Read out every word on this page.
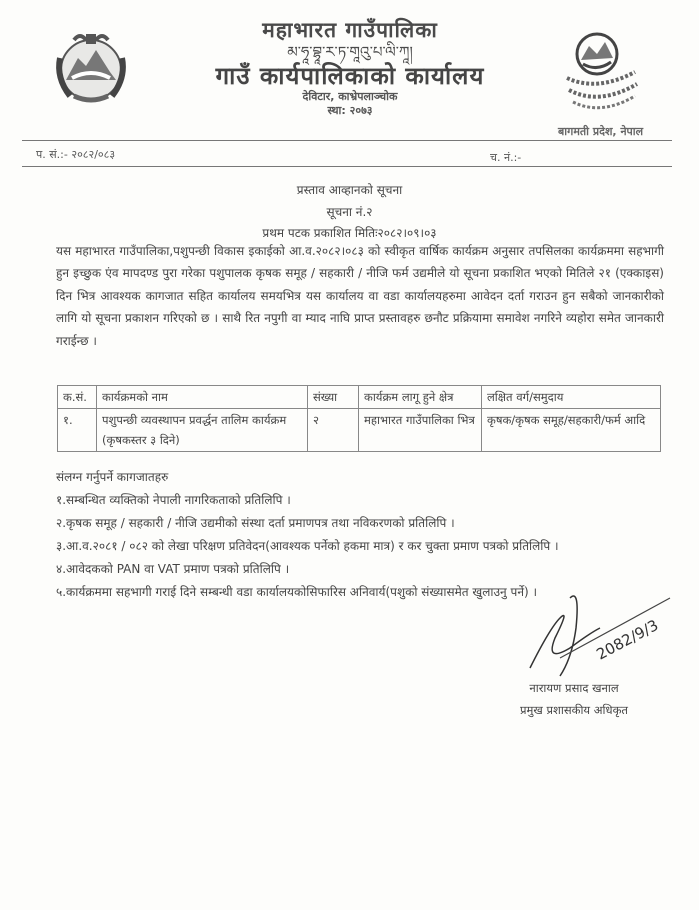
महाभारत गाउँपालिका
མ་ཧཱ་བྷཱ་ར་ཏ་གཱའུ་པ་ལི་ཀཱ།
गाउँ कार्यपालिकाको कार्यालय
देविटार, काभ्रेपलाञ्चोक
स्था: २०७३
बागमती प्रदेश, नेपाल
प. सं.:- २०८२/०८३	च. नं.:-
प्रस्ताव आव्हानको सूचना
सूचना नं.२
प्रथम पटक प्रकाशित मितिः२०८२।०९।०३
यस महाभारत गाउँपालिका,पशुपन्छी विकास इकाईको आ.व.२०८२।०८३ को स्वीकृत वार्षिक कार्यक्रम अनुसार तपसिलका कार्यक्रममा सहभागी हुन इच्छुक एंव मापदण्ड पुरा गरेका पशुपालक कृषक समूह / सहकारी / नीजि फर्म उद्यमीले यो सूचना प्रकाशित भएको मितिले २१ (एक्काइस) दिन भित्र आवश्यक कागजात सहित कार्यालय समयभित्र यस कार्यालय वा वडा कार्यालयहरुमा आवेदन दर्ता गराउन हुन सबैको जानकारीको लागि यो सूचना प्रकाशन गरिएको छ । साथै रित नपुगी वा म्याद नाघि प्राप्त प्रस्तावहरु छनौट प्रक्रियामा समावेश नगरिने व्यहोरा समेत जानकारी गराईन्छ ।
क.सं.	कार्यक्रमको नाम	संख्या	कार्यक्रम लागू हुने क्षेत्र	लक्षित वर्ग/समुदाय
१.	पशुपन्छी व्यवस्थापन प्रवर्द्धन तालिम कार्यक्रम (कृषकस्तर ३ दिने)	२	महाभारत गाउँपालिका भित्र	कृषक/कृषक समूह/सहकारी/फर्म आदि

संलग्न गर्नुपर्ने कागजातहरु

१.सम्बन्धित व्यक्तिको नेपाली नागरिकताको प्रतिलिपि ।

२.कृषक समूह / सहकारी / नीजि उद्यमीको संस्था दर्ता प्रमाणपत्र तथा नविकरणको प्रतिलिपि ।

३.आ.व.२०८१ / ०८२ को लेखा परिक्षण प्रतिवेदन(आवश्यक पर्नेको हकमा मात्र) र कर चुक्ता प्रमाण पत्रको प्रतिलिपि ।

४.आवेदकको PAN वा VAT प्रमाण पत्रको प्रतिलिपि ।

५.कार्यक्रममा सहभागी गराई दिने सम्बन्धी वडा कार्यालयकोसिफारिस अनिवार्य(पशुको संख्यासमेत खुलाउनु पर्ने) ।

2082/9/3
नारायण प्रसाद खनाल
प्रमुख प्रशासकीय अधिकृत
